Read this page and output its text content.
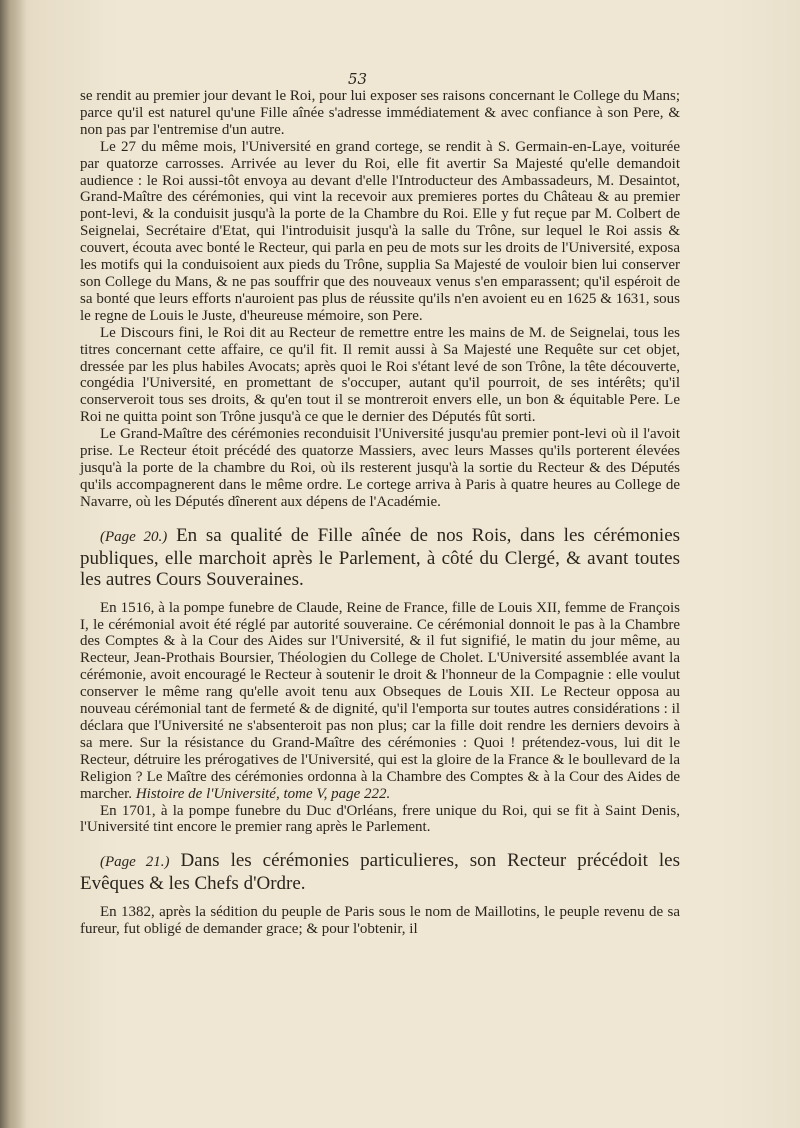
53

se rendit au premier jour devant le Roi, pour lui exposer ses raisons concernant le College du Mans; parce qu'il est naturel qu'une Fille aînée s'adresse immédiatement & avec confiance à son Pere, & non pas par l'entremise d'un autre.

Le 27 du même mois, l'Université en grand cortege, se rendit à S. Germain-en-Laye, voiturée par quatorze carrosses. Arrivée au lever du Roi, elle fit avertir Sa Majesté qu'elle demandoit audience : le Roi aussi-tôt envoya au devant d'elle l'Introducteur des Ambassadeurs, M. Desaintot, Grand-Maître des cérémonies, qui vint la recevoir aux premieres portes du Château & au premier pont-levi, & la conduisit jusqu'à la porte de la Chambre du Roi. Elle y fut reçue par M. Colbert de Seignelai, Secrétaire d'Etat, qui l'introduisit jusqu'à la salle du Trône, sur lequel le Roi assis & couvert, écouta avec bonté le Recteur, qui parla en peu de mots sur les droits de l'Université, exposa les motifs qui la conduisoient aux pieds du Trône, supplia Sa Majesté de vouloir bien lui conserver son College du Mans, & ne pas souffrir que des nouveaux venus s'en emparassent; qu'il espéroit de sa bonté que leurs efforts n'auroient pas plus de réussite qu'ils n'en avoient eu en 1625 & 1631, sous le regne de Louis le Juste, d'heureuse mémoire, son Pere.

Le Discours fini, le Roi dit au Recteur de remettre entre les mains de M. de Seignelai, tous les titres concernant cette affaire, ce qu'il fit. Il remit aussi à Sa Majesté une Requête sur cet objet, dressée par les plus habiles Avocats; après quoi le Roi s'étant levé de son Trône, la tête découverte, congédia l'Université, en promettant de s'occuper, autant qu'il pourroit, de ses intérêts; qu'il conserveroit tous ses droits, & qu'en tout il se montreroit envers elle, un bon & équitable Pere. Le Roi ne quitta point son Trône jusqu'à ce que le dernier des Députés fût sorti.

Le Grand-Maître des cérémonies reconduisit l'Université jusqu'au premier pont-levi où il l'avoit prise. Le Recteur étoit précédé des quatorze Massiers, avec leurs Masses qu'ils porterent élevées jusqu'à la porte de la chambre du Roi, où ils resterent jusqu'à la sortie du Recteur & des Députés qu'ils accompagnerent dans le même ordre. Le cortege arriva à Paris à quatre heures au College de Navarre, où les Députés dînerent aux dépens de l'Académie.

(Page 20.) En sa qualité de Fille aînée de nos Rois, dans les cérémonies publiques, elle marchoit après le Parlement, à côté du Clergé, & avant toutes les autres Cours Souveraines.

En 1516, à la pompe funebre de Claude, Reine de France, fille de Louis XII, femme de François I, le cérémonial avoit été réglé par autorité souveraine. Ce cérémonial donnoit le pas à la Chambre des Comptes & à la Cour des Aides sur l'Université, & il fut signifié, le matin du jour même, au Recteur, Jean-Prothais Boursier, Théologien du College de Cholet. L'Université assemblée avant la cérémonie, avoit encouragé le Recteur à soutenir le droit & l'honneur de la Compagnie : elle voulut conserver le même rang qu'elle avoit tenu aux Obseques de Louis XII. Le Recteur opposa au nouveau cérémonial tant de fermeté & de dignité, qu'il l'emporta sur toutes autres considérations : il déclara que l'Université ne s'absenteroit pas non plus; car la fille doit rendre les derniers devoirs à sa mere. Sur la résistance du Grand-Maître des cérémonies : Quoi ! prétendez-vous, lui dit le Recteur, détruire les prérogatives de l'Université, qui est la gloire de la France & le boullevard de la Religion ? Le Maître des cérémonies ordonna à la Chambre des Comptes & à la Cour des Aides de marcher. Histoire de l'Université, tome V, page 222.

En 1701, à la pompe funebre du Duc d'Orléans, frere unique du Roi, qui se fit à Saint Denis, l'Université tint encore le premier rang après le Parlement.

(Page 21.) Dans les cérémonies particulieres, son Recteur précédoit les Evêques & les Chefs d'Ordre.

En 1382, après la sédition du peuple de Paris sous le nom de Maillotins, le peuple revenu de sa fureur, fut obligé de demander grace; & pour l'obtenir, il
